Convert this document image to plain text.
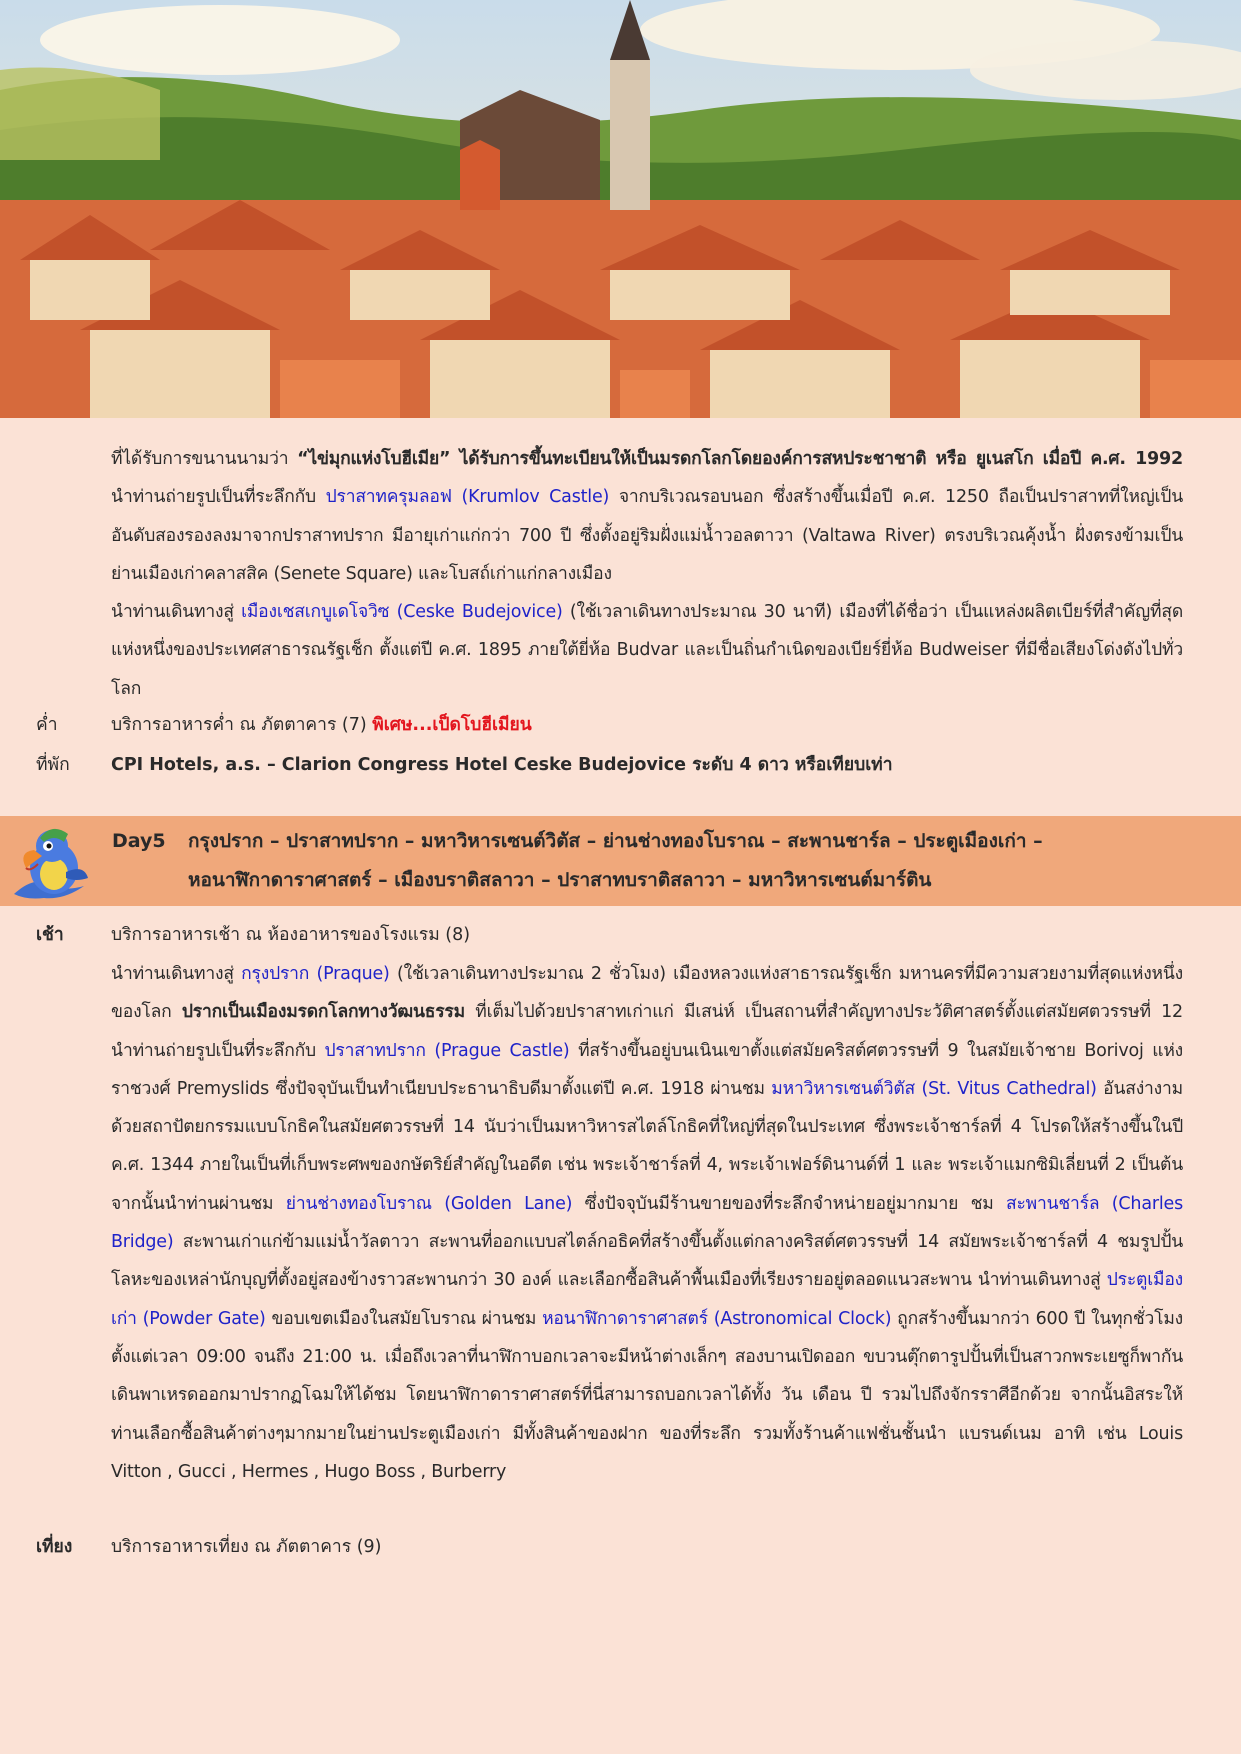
ที่ได้รับการขนานนามว่า “ไข่มุกแห่งโบฮีเมีย” ได้รับการขึ้นทะเบียนให้เป็นมรดกโลกโดยองค์การสหประชาชาติ หรือ ยูเนสโก เมื่อปี ค.ศ. 1992 นำท่านถ่ายรูปเป็นที่ระลึกกับ ปราสาทครุมลอฟ (Krumlov Castle) จากบริเวณรอบนอก ซึ่งสร้างขึ้นเมื่อปี ค.ศ. 1250 ถือเป็นปราสาทที่ใหญ่เป็นอันดับสองรองลงมาจากปราสาทปราก มีอายุเก่าแก่กว่า 700 ปี ซึ่งตั้งอยู่ริมฝั่งแม่น้ำวอลตาวา (Valtawa River) ตรงบริเวณคุ้งน้ำ ฝั่งตรงข้ามเป็นย่านเมืองเก่าคลาสสิค (Senete Square) และโบสถ์เก่าแก่กลางเมือง
นำท่านเดินทางสู่ เมืองเชสเกบูเดโจวิซ (Ceske Budejovice) (ใช้เวลาเดินทางประมาณ 30 นาที) เมืองที่ได้ชื่อว่า เป็นแหล่งผลิตเบียร์ที่สำคัญที่สุดแห่งหนึ่งของประเทศสาธารณรัฐเช็ก ตั้งแต่ปี ค.ศ. 1895 ภายใต้ยี่ห้อ Budvar และเป็นถิ่นกำเนิดของเบียร์ยี่ห้อ Budweiser ที่มีชื่อเสียงโด่งดังไปทั่วโลก
ค่ำ	บริการอาหารค่ำ ณ ภัตตาคาร (7) พิเศษ...เป็ดโบฮีเมียน
ที่พัก CPI Hotels, a.s. – Clarion Congress Hotel Ceske Budejovice ระดับ 4 ดาว หรือเทียบเท่า
Day5 กรุงปราก – ปราสาทปราก – มหาวิหารเซนต์วิตัส – ย่านช่างทองโบราณ – สะพานชาร์ล – ประตูเมืองเก่า –
หอนาฬิกาดาราศาสตร์ – เมืองบราติสลาวา – ปราสาทบราติสลาวา – มหาวิหารเซนต์มาร์ติน
เช้า	บริการอาหารเช้า ณ ห้องอาหารของโรงแรม (8)
นำท่านเดินทางสู่ กรุงปราก (Praque) (ใช้เวลาเดินทางประมาณ 2 ชั่วโมง) เมืองหลวงแห่งสาธารณรัฐเช็ก มหานครที่มีความสวยงามที่สุดแห่งหนึ่งของโลก ปรากเป็นเมืองมรดกโลกทางวัฒนธรรม ที่เต็มไปด้วยปราสาทเก่าแก่ มีเสน่ห์ เป็นสถานที่สำคัญทางประวัติศาสตร์ตั้งแต่สมัยศตวรรษที่ 12 นำท่านถ่ายรูปเป็นที่ระลึกกับ ปราสาทปราก (Prague Castle) ที่สร้างขึ้นอยู่บนเนินเขาตั้งแต่สมัยคริสต์ศตวรรษที่ 9 ในสมัยเจ้าชาย Borivoj แห่งราชวงศ์ Premyslids ซึ่งปัจจุบันเป็นทำเนียบประธานาธิบดีมาตั้งแต่ปี ค.ศ. 1918 ผ่านชม มหาวิหารเซนต์วิตัส (St. Vitus Cathedral) อันสง่างามด้วยสถาปัตยกรรมแบบโกธิคในสมัยศตวรรษที่ 14 นับว่าเป็นมหาวิหารสไตล์โกธิคที่ใหญ่ที่สุดในประเทศ ซึ่งพระเจ้าชาร์ลที่ 4 โปรดให้สร้างขึ้นในปี ค.ศ. 1344 ภายในเป็นที่เก็บพระศพของกษัตริย์สำคัญในอดีต เช่น พระเจ้าชาร์ลที่ 4, พระเจ้าเฟอร์ดินานด์ที่ 1 และ พระเจ้าแมกซิมิเลี่ยนที่ 2 เป็นต้น จากนั้นนำท่านผ่านชม ย่านช่างทองโบราณ (Golden Lane) ซึ่งปัจจุบันมีร้านขายของที่ระลึกจำหน่ายอยู่มากมาย ชม สะพานชาร์ล (Charles Bridge) สะพานเก่าแก่ข้ามแม่น้ำวัลตาวา สะพานที่ออกแบบสไตล์กอธิคที่สร้างขึ้นตั้งแต่กลางคริสต์ศตวรรษที่ 14 สมัยพระเจ้าชาร์ลที่ 4 ชมรูปปั้นโลหะของเหล่านักบุญที่ตั้งอยู่สองข้างราวสะพานกว่า 30 องค์ และเลือกซื้อสินค้าพื้นเมืองที่เรียงรายอยู่ตลอดแนวสะพาน นำท่านเดินทางสู่ ประตูเมืองเก่า (Powder Gate) ขอบเขตเมืองในสมัยโบราณ ผ่านชม หอนาฬิกาดาราศาสตร์ (Astronomical Clock) ถูกสร้างขึ้นมากว่า 600 ปี ในทุกชั่วโมงตั้งแต่เวลา 09:00 จนถึง 21:00 น. เมื่อถึงเวลาที่นาฬิกาบอกเวลาจะมีหน้าต่างเล็กๆ สองบานเปิดออก ขบวนตุ๊กตารูปปั้นที่เป็นสาวกพระเยซูก็พากันเดินพาเหรดออกมาปรากฏโฉมให้ได้ชม โดยนาฬิกาดาราศาสตร์ที่นี่สามารถบอกเวลาได้ทั้ง วัน เดือน ปี รวมไปถึงจักรราศีอีกด้วย จากนั้นอิสระให้ท่านเลือกซื้อสินค้าต่างๆมากมายในย่านประตูเมืองเก่า มีทั้งสินค้าของฝาก ของที่ระลึก รวมทั้งร้านค้าแฟชั่นชั้นนำ แบรนด์เนม อาทิ เช่น Louis Vitton , Gucci , Hermes , Hugo Boss , Burberry
เที่ยง บริการอาหารเที่ยง ณ ภัตตาคาร (9)
